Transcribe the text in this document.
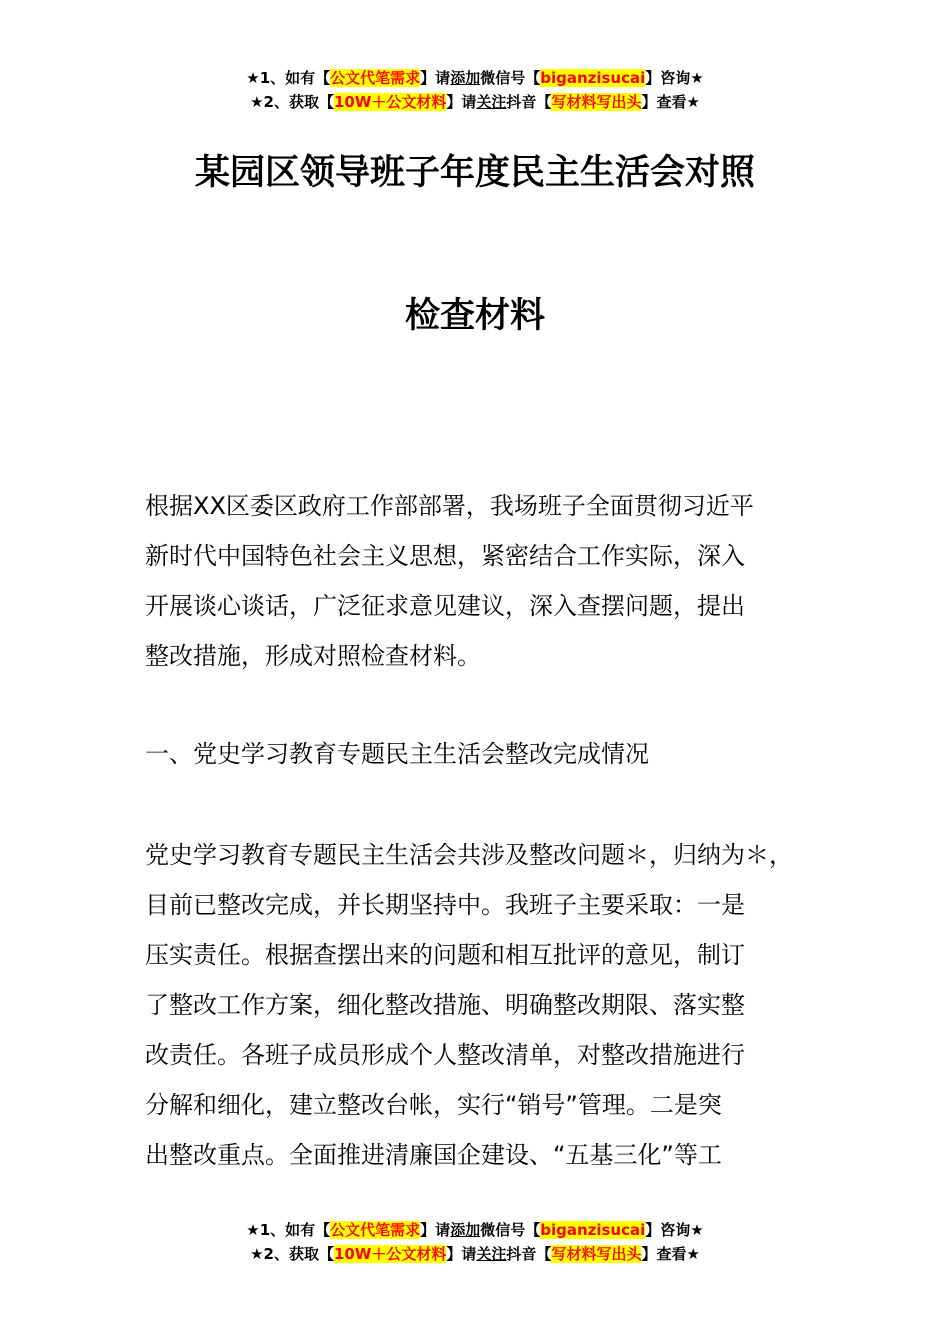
★1、如有【公文代笔需求】请添加微信号【biganzisucai】咨询★
★2、获取【10W＋公文材料】请关注抖音【写材料写出头】查看★
某园区领导班子年度民主生活会对照
检查材料
根据XX区委区政府工作部部署，我场班子全面贯彻习近平
新时代中国特色社会主义思想，紧密结合工作实际，深入
开展谈心谈话，广泛征求意见建议，深入查摆问题，提出
整改措施，形成对照检查材料。
一、党史学习教育专题民主生活会整改完成情况
党史学习教育专题民主生活会共涉及整改问题＊，归纳为＊，
目前已整改完成，并长期坚持中。我班子主要采取：一是
压实责任。根据查摆出来的问题和相互批评的意见，制订
了整改工作方案，细化整改措施、明确整改期限、落实整
改责任。各班子成员形成个人整改清单，对整改措施进行
分解和细化，建立整改台帐，实行“销号”管理。二是突
出整改重点。全面推进清廉国企建设、“五基三化”等工
★1、如有【公文代笔需求】请添加微信号【biganzisucai】咨询★
★2、获取【10W＋公文材料】请关注抖音【写材料写出头】查看★
